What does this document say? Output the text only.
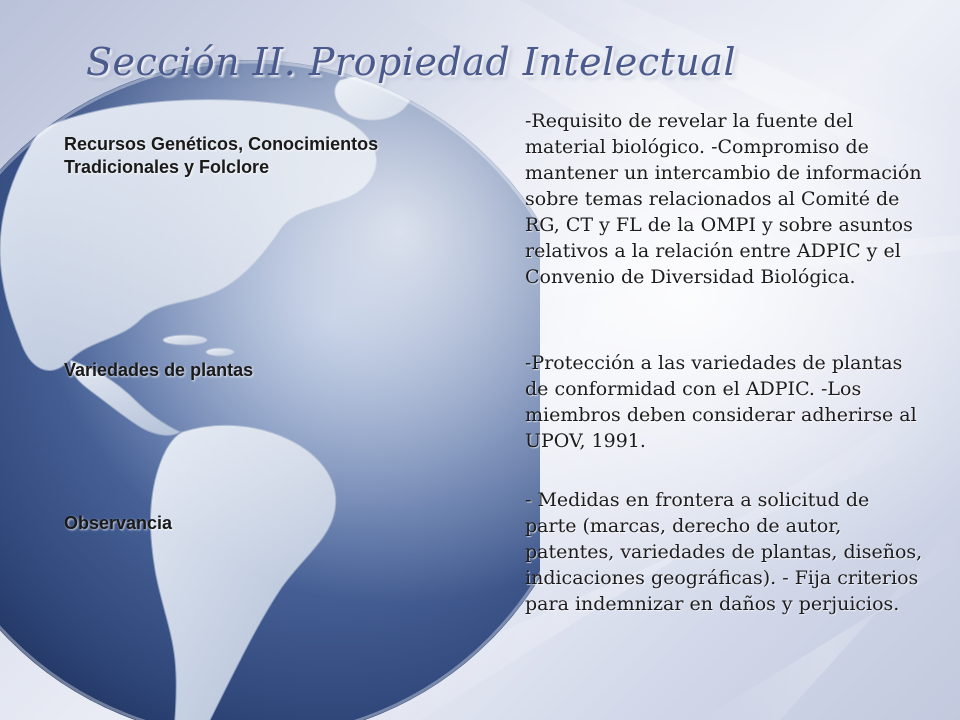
Sección II. Propiedad Intelectual

Recursos Genéticos, Conocimientos Tradicionales y Folclore

-Requisito de revelar la fuente del material biológico. -Compromiso de mantener un intercambio de información sobre temas relacionados al Comité de RG, CT y FL de la OMPI y sobre asuntos relativos a la relación entre ADPIC y el Convenio de Diversidad Biológica.

Variedades de plantas	-Protección a las variedades de plantas de conformidad con el ADPIC. -Los miembros deben considerar adherirse al UPOV, 1991.

Observancia

- Medidas en frontera a solicitud de parte (marcas, derecho de autor, patentes, variedades de plantas, diseños, indicaciones geográficas). - Fija criterios para indemnizar en daños y perjuicios.
